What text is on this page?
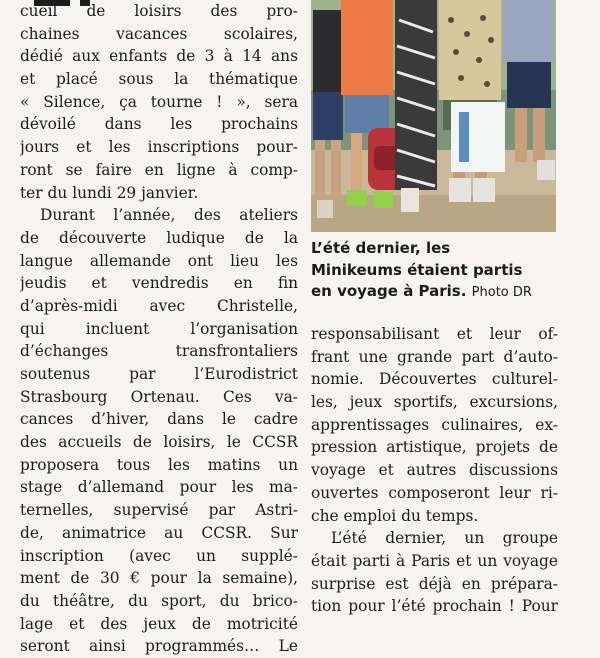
cueil de loisirs des pro-
chaines vacances scolaires,
dédié aux enfants de 3 à 14 ans
et placé sous la thématique
« Silence, ça tourne ! », sera
dévoilé dans les prochains
jours et les inscriptions pour-
ront se faire en ligne à comp-
ter du lundi 29 janvier.
Durant l’année, des ateliers
de découverte ludique de la
langue allemande ont lieu les
jeudis et vendredis en fin
d’après-midi avec Christelle,
qui incluent l’organisation
d’échanges transfrontaliers
soutenus par l’Eurodistrict
Strasbourg Ortenau. Ces va-
cances d’hiver, dans le cadre
des accueils de loisirs, le CCSR
proposera tous les matins un
stage d’allemand pour les ma-
ternelles, supervisé par Astri-
de, animatrice au CCSR. Sur
inscription (avec un supplé-
ment de 30 € pour la semaine),
du théâtre, du sport, du brico-
lage et des jeux de motricité
seront ainsi programmés… Le
L’été dernier, les
Minikeums étaient partis
en voyage à Paris. Photo DR
responsabilisant et leur of-
frant une grande part d’auto-
nomie. Découvertes culturel-
les, jeux sportifs, excursions,
apprentissages culinaires, ex-
pression artistique, projets de
voyage et autres discussions
ouvertes composeront leur ri-
che emploi du temps.
L’été dernier, un groupe
était parti à Paris et un voyage
surprise est déjà en prépara-
tion pour l’été prochain ! Pour
